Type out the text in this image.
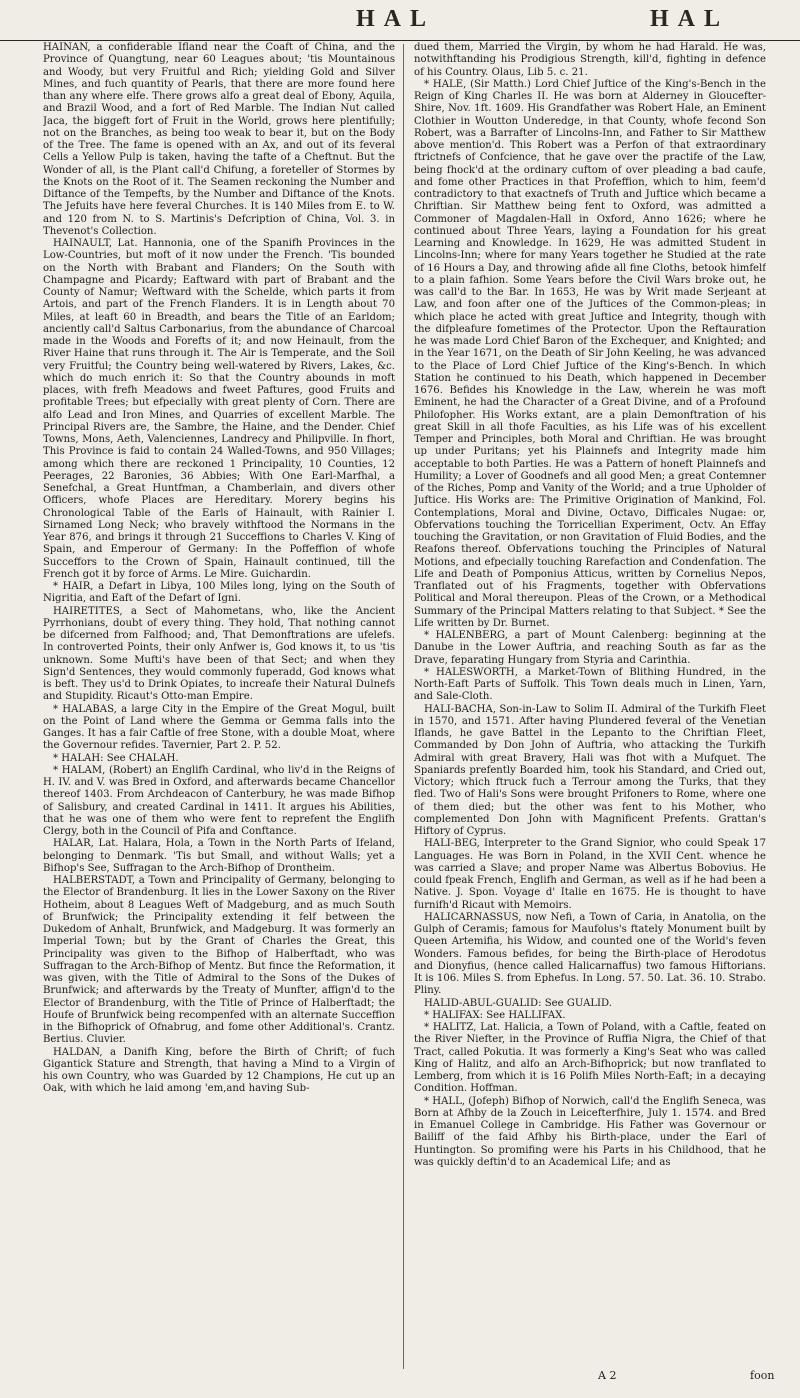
HAL	HAL

HAINAN, a confiderable Ifland near the Coaft of China, and the Province of Quangtung, near 60 Leagues about; 'tis Mountainous and Woody, but very Fruitful and Rich; yielding Gold and Silver Mines, and fuch quantity of Pearls, that there are more found here than any where elfe. There grows alfo a great deal of Ebony, Aquila, and Brazil Wood, and a fort of Red Marble. The Indian Nut called Jaca, the biggeft fort of Fruit in the World, grows here plentifully; not on the Branches, as being too weak to bear it, but on the Body of the Tree. The fame is opened with an Ax, and out of its feveral Cells a Yellow Pulp is taken, having the tafte of a Cheftnut. But the Wonder of all, is the Plant call'd Chifung, a foreteller of Stormes by the Knots on the Root of it. The Seamen reckoning the Number and Diftance of the Tempefts, by the Number and Diftance of the Knots. The Jefuits have here feveral Churches. It is 140 Miles from E. to W. and 120 from N. to S. Martinis's Defcription of China, Vol. 3. in Thevenot's Collection.

HAINAULT, Lat. Hannonia, one of the Spanifh Provinces in the Low-Countries, but moft of it now under the French. 'Tis bounded on the North with Brabant and Flanders; On the South with Champagne and Picardy; Eaftward with part of Brabant and the County of Namur; Weftward with the Schelde, which parts it from Artois, and part of the French Flanders. It is in Length about 70 Miles, at leaft 60 in Breadth, and bears the Title of an Earldom; anciently call'd Saltus Carbonarius, from the abundance of Charcoal made in the Woods and Forefts of it; and now Heinault, from the River Haine that runs through it. The Air is Temperate, and the Soil very Fruitful; the Country being well-watered by Rivers, Lakes, &c. which do much enrich it: So that the Country abounds in moft places, with frefh Meadows and fweet Paftures, good Fruits and profitable Trees; but efpecially with great plenty of Corn. There are alfo Lead and Iron Mines, and Quarries of excellent Marble. The Principal Rivers are, the Sambre, the Haine, and the Dender. Chief Towns, Mons, Aeth, Valenciennes, Landrecy and Philipville. In fhort, This Province is faid to contain 24 Walled-Towns, and 950 Villages; among which there are reckoned 1 Principality, 10 Counties, 12 Peerages, 22 Baronies, 36 Abbies; With One Earl-Marfhal, a Senefchal, a Great Huntfman, a Chamberlain, and divers other Officers, whofe Places are Hereditary. Morery begins his Chronological Table of the Earls of Hainault, with Rainier I. Sirnamed Long Neck; who bravely withftood the Normans in the Year 876, and brings it through 21 Succeffions to Charles V. King of Spain, and Emperour of Germany: In the Poffeffion of whofe Succeffors to the Crown of Spain, Hainault continued, till the French got it by force of Arms. Le Mire. Guichardin.

* HAIR, a Defart in Libya, 100 Miles long, lying on the South of Nigritia, and Eaft of the Defart of Igni.

HAIRETITES, a Sect of Mahometans, who, like the Ancient Pyrrhonians, doubt of every thing. They hold, That nothing cannot be difcerned from Falfhood; and, That Demonftrations are ufelefs. In controverted Points, their only Anfwer is, God knows it, to us 'tis unknown. Some Mufti's have been of that Sect; and when they Sign'd Sentences, they would commonly fuperadd, God knows what is beft. They us'd to Drink Opiates, to increafe their Natural Dulnefs and Stupidity. Ricaut's Otto-man Empire.

* HALABAS, a large City in the Empire of the Great Mogul, built on the Point of Land where the Gemma or Gemma falls into the Ganges. It has a fair Caftle of free Stone, with a double Moat, where the Governour refides. Tavernier, Part 2. P. 52.

* HALAH: See CHALAH.

* HALAM, (Robert) an Englifh Cardinal, who liv'd in the Reigns of H. IV. and V. was Bred in Oxford, and afterwards became Chancellor thereof 1403. From Archdeacon of Canterbury, he was made Bifhop of Salisbury, and created Cardinal in 1411. It argues his Abilities, that he was one of them who were fent to reprefent the Englifh Clergy, both in the Council of Pifa and Conftance.

HALAR, Lat. Halara, Hola, a Town in the North Parts of Ifeland, belonging to Denmark. 'Tis but Small, and without Walls; yet a Bifhop's See, Suffragan to the Arch-Bifhop of Drontheim.

HALBERSTADT, a Town and Principality of Germany, belonging to the Elector of Brandenburg. It lies in the Lower Saxony on the River Hotheim, about 8 Leagues Weft of Madgeburg, and as much South of Brunfwick; the Principality extending it felf between the Dukedom of Anhalt, Brunfwick, and Madgeburg. It was formerly an Imperial Town; but by the Grant of Charles the Great, this Principality was given to the Bifhop of Halberftadt, who was Suffragan to the Arch-Bifhop of Mentz. But fince the Reformation, it was given, with the Title of Admiral to the Sons of the Dukes of Brunfwick; and afterwards by the Treaty of Munfter, affign'd to the Elector of Brandenburg, with the Title of Prince of Halberftadt; the Houfe of Brunfwick being recompenfed with an alternate Succeffion in the Bifhoprick of Ofnabrug, and fome other Additional's. Crantz. Bertius. Cluvier.

HALDAN, a Danifh King, before the Birth of Chrift; of fuch Gigantick Stature and Strength, that having a Mind to a Virgin of his own Country, who was Guarded by 12 Champions, He cut up an Oak, with which he laid among 'em,and having Sub-

dued them, Married the Virgin, by whom he had Harald. He was, notwithftanding his Prodigious Strength, kill'd, fighting in defence of his Country. Olaus, Lib 5. c. 21.

* HALE, (Sir Matth.) Lord Chief Juftice of the King's-Bench in the Reign of King Charles II. He was born at Alderney in Gloucefter-Shire, Nov. 1ft. 1609. His Grandfather was Robert Hale, an Eminent Clothier in Woutton Underedge, in that County, whofe fecond Son Robert, was a Barrafter of Lincolns-Inn, and Father to Sir Matthew above mention'd. This Robert was a Perfon of that extraordinary ftrictnefs of Confcience, that he gave over the practife of the Law, being fhock'd at the ordinary cuftom of over pleading a bad caufe, and fome other Practices in that Profeffion, which to him, feem'd contradictory to that exactnefs of Truth and Juftice which became a Chriftian. Sir Matthew being fent to Oxford, was admitted a Commoner of Magdalen-Hall in Oxford, Anno 1626; where he continued about Three Years, laying a Foundation for his great Learning and Knowledge. In 1629, He was admitted Student in Lincolns-Inn; where for many Years together he Studied at the rate of 16 Hours a Day, and throwing afide all fine Cloths, betook himfelf to a plain fafhion. Some Years before the Civil Wars broke out, he was call'd to the Bar. In 1653, He was by Writ made Serjeant at Law, and foon after one of the Juftices of the Common-pleas; in which place he acted with great Juftice and Integrity, though with the difpleafure fometimes of the Protector. Upon the Reftauration he was made Lord Chief Baron of the Exchequer, and Knighted; and in the Year 1671, on the Death of Sir John Keeling, he was advanced to the Place of Lord Chief Juftice of the King's-Bench. In which Station he continued to his Death, which happened in December 1676. Befides his Knowledge in the Law, wherein he was moft Eminent, he had the Character of a Great Divine, and of a Profound Philofopher. His Works extant, are a plain Demonftration of his great Skill in all thofe Faculties, as his Life was of his excellent Temper and Principles, both Moral and Chriftian. He was brought up under Puritans; yet his Plainnefs and Integrity made him acceptable to both Parties. He was a Pattern of honeft Plainnefs and Humility; a Lover of Goodnefs and all good Men; a great Contemner of the Riches, Pomp and Vanity of the World; and a true Upholder of Juftice. His Works are: The Primitive Origination of Mankind, Fol. Contemplations, Moral and Divine, Octavo, Difficales Nugae: or, Obfervations touching the Torricellian Experiment, Octv. An Effay touching the Gravitation, or non Gravitation of Fluid Bodies, and the Reafons thereof. Obfervations touching the Principles of Natural Motions, and efpecially touching Rarefaction and Condenfation. The Life and Death of Pomponius Atticus, written by Cornelius Nepos, Tranflated out of his Fragments, together with Obfervations Political and Moral thereupon. Pleas of the Crown, or a Methodical Summary of the Principal Matters relating to that Subject. * See the Life written by Dr. Burnet.

* HALENBERG, a part of Mount Calenberg: beginning at the Danube in the Lower Auftria, and reaching South as far as the Drave, feparating Hungary from Styria and Carinthia.

* HALESWORTH, a Market-Town of Blithing Hundred, in the North-Eaft Parts of Suffolk. This Town deals much in Linen, Yarn, and Sale-Cloth.

HALI-BACHA, Son-in-Law to Solim II. Admiral of the Turkifh Fleet in 1570, and 1571. After having Plundered feveral of the Venetian Iflands, he gave Battel in the Lepanto to the Chriftian Fleet, Commanded by Don John of Auftria, who attacking the Turkifh Admiral with great Bravery, Hali was fhot with a Mufquet. The Spaniards prefently Boarded him, took his Standard, and Cried out, Victory; which ftruck fuch a Terrour among the Turks, that they fled. Two of Hali's Sons were brought Prifoners to Rome, where one of them died; but the other was fent to his Mother, who complemented Don John with Magnificent Prefents. Grattan's Hiftory of Cyprus.

HALI-BEG, Interpreter to the Grand Signior, who could Speak 17 Languages. He was Born in Poland, in the XVII Cent. whence he was carried a Slave; and proper Name was Albertus Bobovius. He could fpeak French, Englifh and German, as well as if he had been a Native. J. Spon. Voyage d' Italie en 1675. He is thought to have furnifh'd Ricaut with Memoirs.

HALICARNASSUS, now Nefi, a Town of Caria, in Anatolia, on the Gulph of Ceramis; famous for Maufolus's ftately Monument built by Queen Artemifia, his Widow, and counted one of the World's feven Wonders. Famous befides, for being the Birth-place of Herodotus and Dionyfius, (hence called Halicarnaffus) two famous Hiftorians. It is 106. Miles S. from Ephefus. In Long. 57. 50. Lat. 36. 10. Strabo. Pliny.

HALID-ABUL-GUALID: See GUALID.

* HALIFAX: See HALLIFAX.

* HALITZ, Lat. Halicia, a Town of Poland, with a Caftle, feated on the River Niefter, in the Province of Ruffia Nigra, the Chief of that Tract, called Pokutia. It was formerly a King's Seat who was called King of Halitz, and alfo an Arch-Bifhoprick; but now tranflated to Lemberg, from which it is 16 Polifh Miles North-Eaft; in a decaying Condition. Hoffman.

* HALL, (Jofeph) Bifhop of Norwich, call'd the Englifh Seneca, was Born at Afhby de la Zouch in Leicefterfhire, July 1. 1574. and Bred in Emanuel College in Cambridge. His Father was Governour or Bailiff of the faid Afhby his Birth-place, under the Earl of Huntington. So promifing were his Parts in his Childhood, that he was quickly deftin'd to an Academical Life; and as

A 2	foon
